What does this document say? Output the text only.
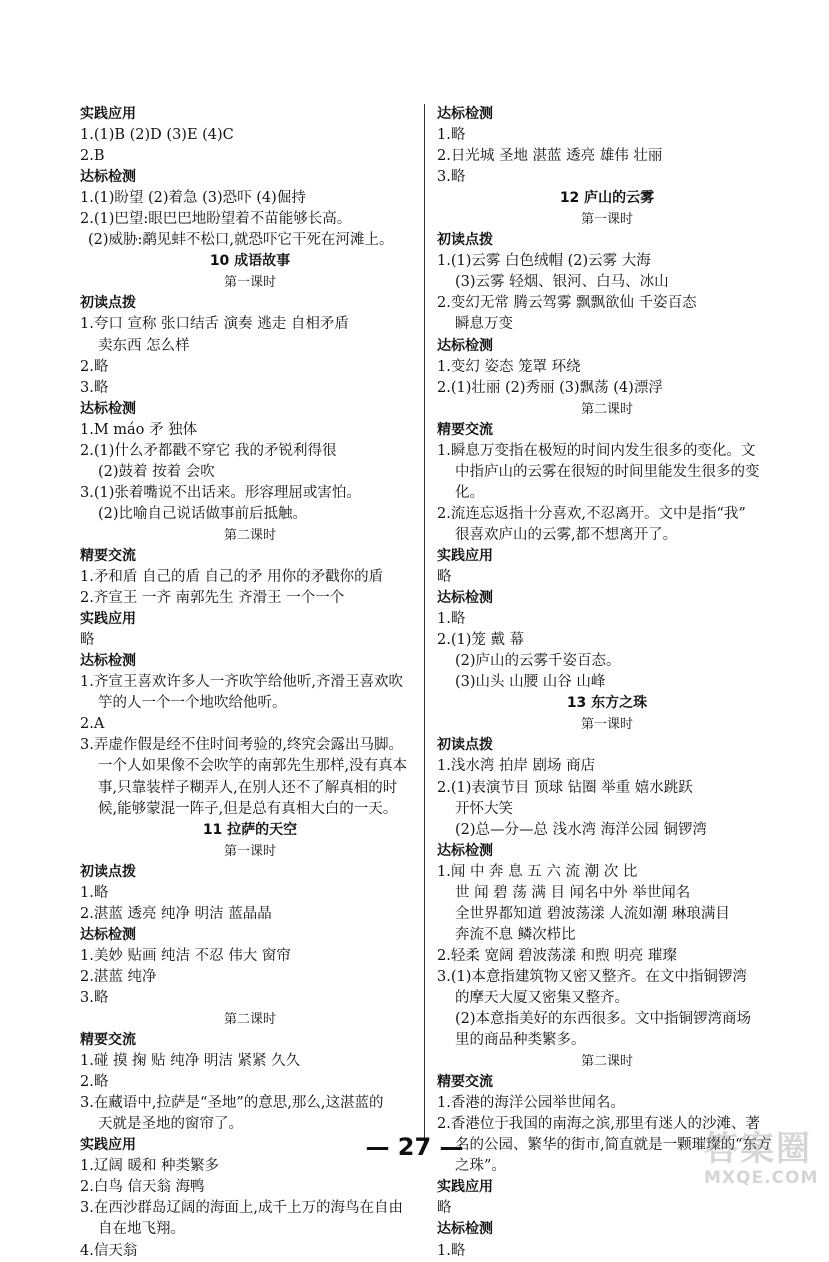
实践应用
1.(1)B (2)D (3)E (4)C
2.B
达标检测
1.(1)盼望 (2)着急 (3)恐吓 (4)倔持
2.(1)巴望:眼巴巴地盼望着不苗能够长高。
(2)威胁:鹬见蚌不松口,就恐吓它干死在河滩上。
10 成语故事
第一课时
初读点拨
1.夸口 宣称 张口结舌 演奏 逃走 自相矛盾
卖东西 怎么样
2.略
3.略
达标检测
1.M máo 矛 独体
2.(1)什么矛都戳不穿它 我的矛锐利得很
(2)鼓着 按着 会吹
3.(1)张着嘴说不出话来。形容理屈或害怕。
(2)比喻自己说话做事前后抵触。
第二课时
精要交流
1.矛和盾 自己的盾 自己的矛 用你的矛戳你的盾
2.齐宣王 一齐 南郭先生 齐滑王 一个一个
实践应用
略
达标检测
1.齐宣王喜欢许多人一齐吹竽给他听,齐滑王喜欢吹
竽的人一个一个地吹给他听。
2.A
3.弄虚作假是经不住时间考验的,终究会露出马脚。
一个人如果像不会吹竽的南郭先生那样,没有真本
事,只靠装样子糊弄人,在别人还不了解真相的时
候,能够蒙混一阵子,但是总有真相大白的一天。
11 拉萨的天空
第一课时
初读点拨
1.略
2.湛蓝 透亮 纯净 明洁 蓝晶晶
达标检测
1.美妙 贴画 纯洁 不忍 伟大 窗帘
2.湛蓝 纯净
3.略
第二课时
精要交流
1.碰 摸 掬 贴 纯净 明洁 紧紧 久久
2.略
3.在藏语中,拉萨是“圣地”的意思,那么,这湛蓝的
天就是圣地的窗帘了。
实践应用
1.辽阔 暖和 种类繁多
2.白鸟 信天翁 海鸭
3.在西沙群岛辽阔的海面上,成千上万的海鸟在自由
自在地飞翔。
4.信天翁
达标检测
1.略
2.日光城 圣地 湛蓝 透亮 雄伟 壮丽
3.略
12 庐山的云雾
第一课时
初读点拨
1.(1)云雾 白色绒帽 (2)云雾 大海
(3)云雾 轻烟、银河、白马、冰山
2.变幻无常 腾云驾雾 飘飘欲仙 千姿百态
瞬息万变
达标检测
1.变幻 姿态 笼罩 环绕
2.(1)壮丽 (2)秀丽 (3)飘荡 (4)漂浮
第二课时
精要交流
1.瞬息万变指在极短的时间内发生很多的变化。文
中指庐山的云雾在很短的时间里能发生很多的变
化。
2.流连忘返指十分喜欢,不忍离开。文中是指“我”
很喜欢庐山的云雾,都不想离开了。
实践应用
略
达标检测
1.略
2.(1)笼 戴 幕
(2)庐山的云雾千姿百态。
(3)山头 山腰 山谷 山峰
13 东方之珠
第一课时
初读点拨
1.浅水湾 拍岸 剧场 商店
2.(1)表演节目 顶球 钻圈 举重 嬉水跳跃
开怀大笑
(2)总—分—总 浅水湾 海洋公园 铜锣湾
达标检测
1.闻 中 奔 息 五 六 流 潮 次 比
世 闻 碧 荡 满 目 闻名中外 举世闻名
全世界都知道 碧波荡漾 人流如潮 琳琅满目
奔流不息 鳞次栉比
2.轻柔 宽阔 碧波荡漾 和煦 明亮 璀璨
3.(1)本意指建筑物又密又整齐。在文中指铜锣湾
的摩天大厦又密集又整齐。
(2)本意指美好的东西很多。文中指铜锣湾商场
里的商品种类繁多。
第二课时
精要交流
1.香港的海洋公园举世闻名。
2.香港位于我国的南海之滨,那里有迷人的沙滩、著
名的公园、繁华的街市,简直就是一颗璀璨的“东方
之珠”。
实践应用
略
达标检测
1.略
— 27 —	答案圈
MXQE.COM
